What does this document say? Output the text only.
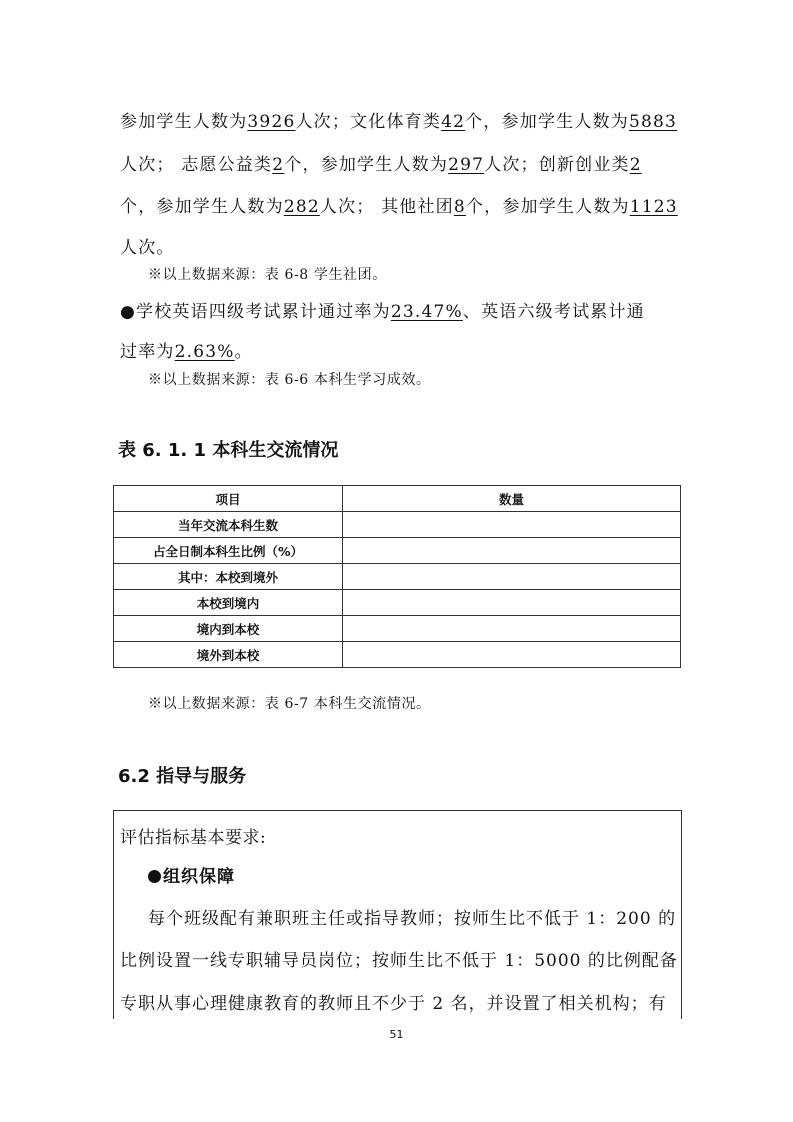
参加学生人数为3926人次；文化体育类42个，参加学生人数为5883
人次； 志愿公益类2个，参加学生人数为297人次；创新创业类2
个，参加学生人数为282人次； 其他社团8个，参加学生人数为1123
人次。
※以上数据来源：表 6-8 学生社团。
●学校英语四级考试累计通过率为23.47%、英语六级考试累计通
过率为2.63%。
※以上数据来源：表 6-6 本科生学习成效。
表 6. 1. 1 本科生交流情况
项目	数量
当年交流本科生数	
占全日制本科生比例（%）	
其中：本校到境外	
本校到境内	
境内到本校	
境外到本校	
※以上数据来源：表 6-7 本科生交流情况。
6.2 指导与服务
评估指标基本要求:
组织保障
每个班级配有兼职班主任或指导教师；按师生比不低于 1：200 的
比例设置一线专职辅导员岗位；按师生比不低于 1：5000 的比例配备
专职从事心理健康教育的教师且不少于 2 名，并设置了相关机构；有
51
